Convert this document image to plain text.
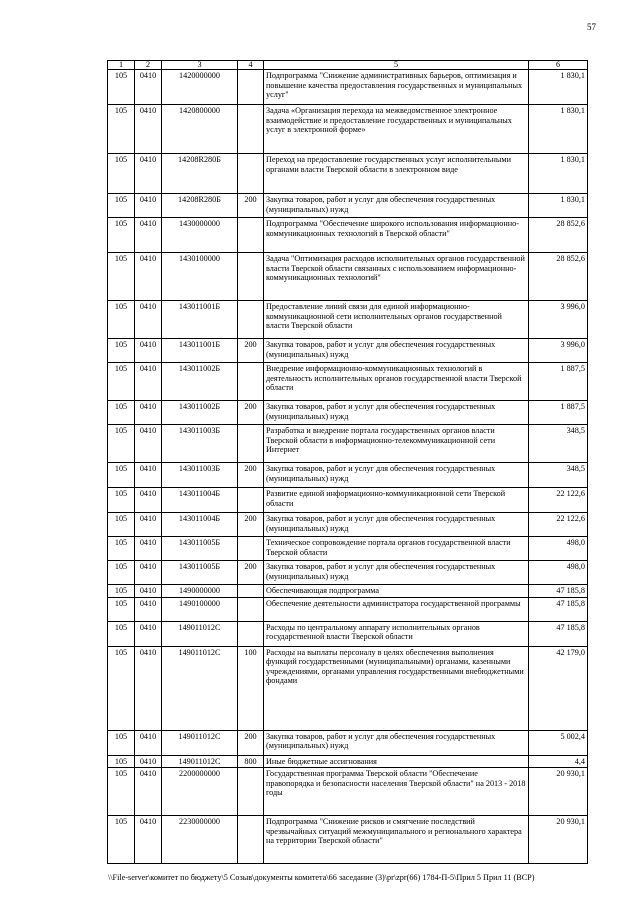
57
1	2	3	4	5	6
105	0410	1420000000		Подпрограмма "Снижение административных барьеров, оптимизация и повышение качества предоставления государственных и муниципальных услуг"	1 830,1
105	0410	1420800000		Задача «Организация перехода на межведомственное электронное взаимодействие и предоставление государственных и муниципальных услуг в электронной форме»	1 830,1
105	0410	14208R280Б		Переход на предоставление государственных услуг исполнительными органами власти Тверской области в электронном виде	1 830,1
105	0410	14208R280Б	200	Закупка товаров, работ и услуг для обеспечения государственных (муниципальных) нужд	1 830,1
105	0410	1430000000		Подпрограмма "Обеспечение широкого использования информационно-коммуникационных технологий в Тверской области"	28 852,6
105	0410	1430100000		Задача "Оптимизация расходов исполнительных органов государственной власти Тверской области связанных с использованием информационно-коммуникационных технологий"	28 852,6
105	0410	143011001Б		Предоставление линий связи для единой информационно-коммуникационной сети исполнительных органов государственной власти Тверской области	3 996,0
105	0410	143011001Б	200	Закупка товаров, работ и услуг для обеспечения государственных (муниципальных) нужд	3 996,0
105	0410	143011002Б		Внедрение информационно-коммуникационных технологий в деятельность исполнительных органов государственной власти Тверской области	1 887,5
105	0410	143011002Б	200	Закупка товаров, работ и услуг для обеспечения государственных (муниципальных) нужд	1 887,5
105	0410	143011003Б		Разработка и внедрение портала государственных органов власти Тверской области в информационно-телекоммуникационной сети Интернет	348,5
105	0410	143011003Б	200	Закупка товаров, работ и услуг для обеспечения государственных (муниципальных) нужд	348,5
105	0410	143011004Б		Развитие единой информационно-коммуникационной сети Тверской области	22 122,6
105	0410	143011004Б	200	Закупка товаров, работ и услуг для обеспечения государственных (муниципальных) нужд	22 122,6
105	0410	143011005Б		Техническое сопровождение портала органов государственной власти Тверской области	498,0
105	0410	143011005Б	200	Закупка товаров, работ и услуг для обеспечения государственных (муниципальных) нужд	498,0
105	0410	1490000000		Обеспечивающая подпрограмма	47 185,8
105	0410	1490100000		Обеспечение деятельности администратора государственной программы	47 185,8
105	0410	149011012С		Расходы по центральному аппарату исполнительных органов государственной власти Тверской области	47 185,8
105	0410	149011012С	100	Расходы на выплаты персоналу в целях обеспечения выполнения функций государственными (муниципальными) органами, казенными учреждениями, органами управления государственными внебюджетными фондами	42 179,0
105	0410	149011012С	200	Закупка товаров, работ и услуг для обеспечения государственных (муниципальных) нужд	5 002,4
105	0410	149011012С	800	Иные бюджетные ассигнования	4,4
105	0410	2200000000		Государственная программа Тверской области "Обеспечение правопорядка и безопасности населения Тверской области" на 2013 - 2018 годы	20 930,1
105	0410	2230000000		Подпрограмма "Снижение рисков и смягчение последствий чрезвычайных ситуаций межмуниципального и регионального характера на территории Тверской области"	20 930,1
\\File-server\комитет по бюджету\5 Созыв\документы комитета\66 заседание (3)\pr\zpr(66) 1784-П-5\Прил 5 Прил 11 (ВСР)
